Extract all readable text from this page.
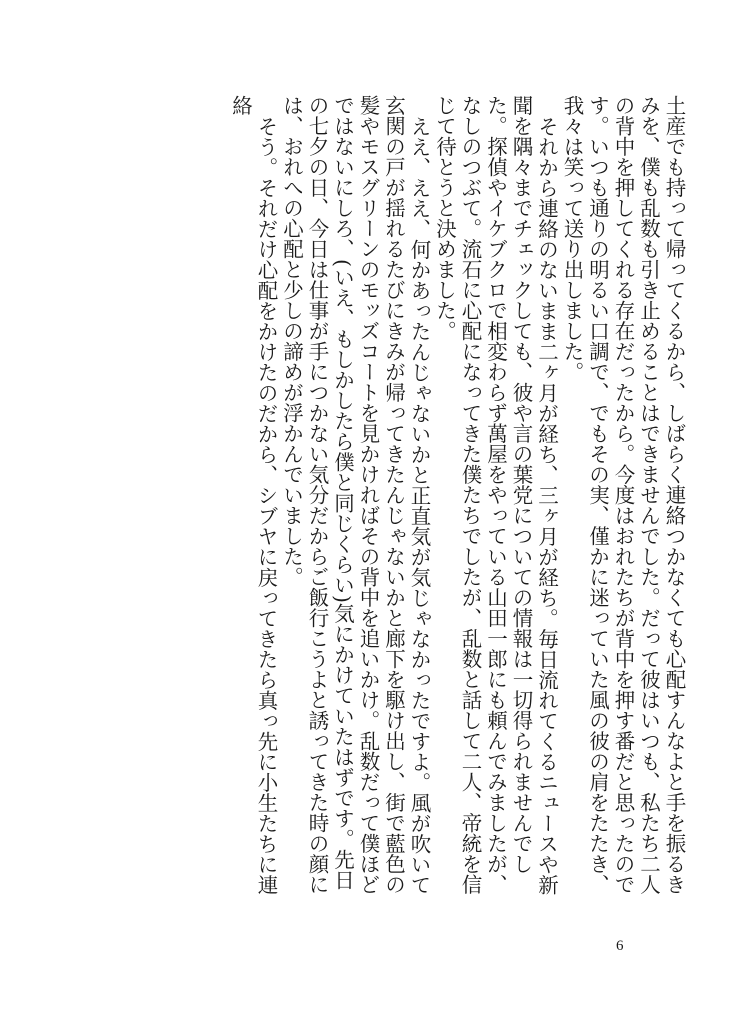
土産でも持って帰ってくるから、しばらく連絡つかなくても心配すんなよと手を振るきみを、僕も乱数も引き止めることはできませんでした。だって彼はいつも、私たち二人の背中を押してくれる存在だったから。今度はおれたちが背中を押す番だと思ったのです。いつも通りの明るい口調で、でもその実、僅かに迷っていた風の彼の肩をたたき、我々は笑って送り出しました。

それから連絡のないまま二ヶ月が経ち、三ヶ月が経ち。毎日流れてくるニュースや新聞を隅々までチェックしても、彼や言の葉党についての情報は一切得られませんでした。探偵やイケブクロで相変わらず萬屋をやっている山田一郎にも頼んでみましたが、なしのつぶて。流石に心配になってきた僕たちでしたが、乱数と話して二人、帝統を信じて待とうと決めました。

ええ、ええ、何かあったんじゃないかと正直気が気じゃなかったですよ。風が吹いて玄関の戸が揺れるたびにきみが帰ってきたんじゃないかと廊下を駆け出し、街で藍色の髪やモスグリーンのモッズコートを見かければその背中を追いかけ。乱数だって僕ほどではないにしろ、(いえ、もしかしたら僕と同じくらい)気にかけていたはずです。先日の七夕の日、今日は仕事が手につかない気分だからご飯行こうよと誘ってきた時の顔には、おれへの心配と少しの諦めが浮かんでいました。

そう。それだけ心配をかけたのだから、シブヤに戻ってきたら真っ先に小生たちに連絡

6
